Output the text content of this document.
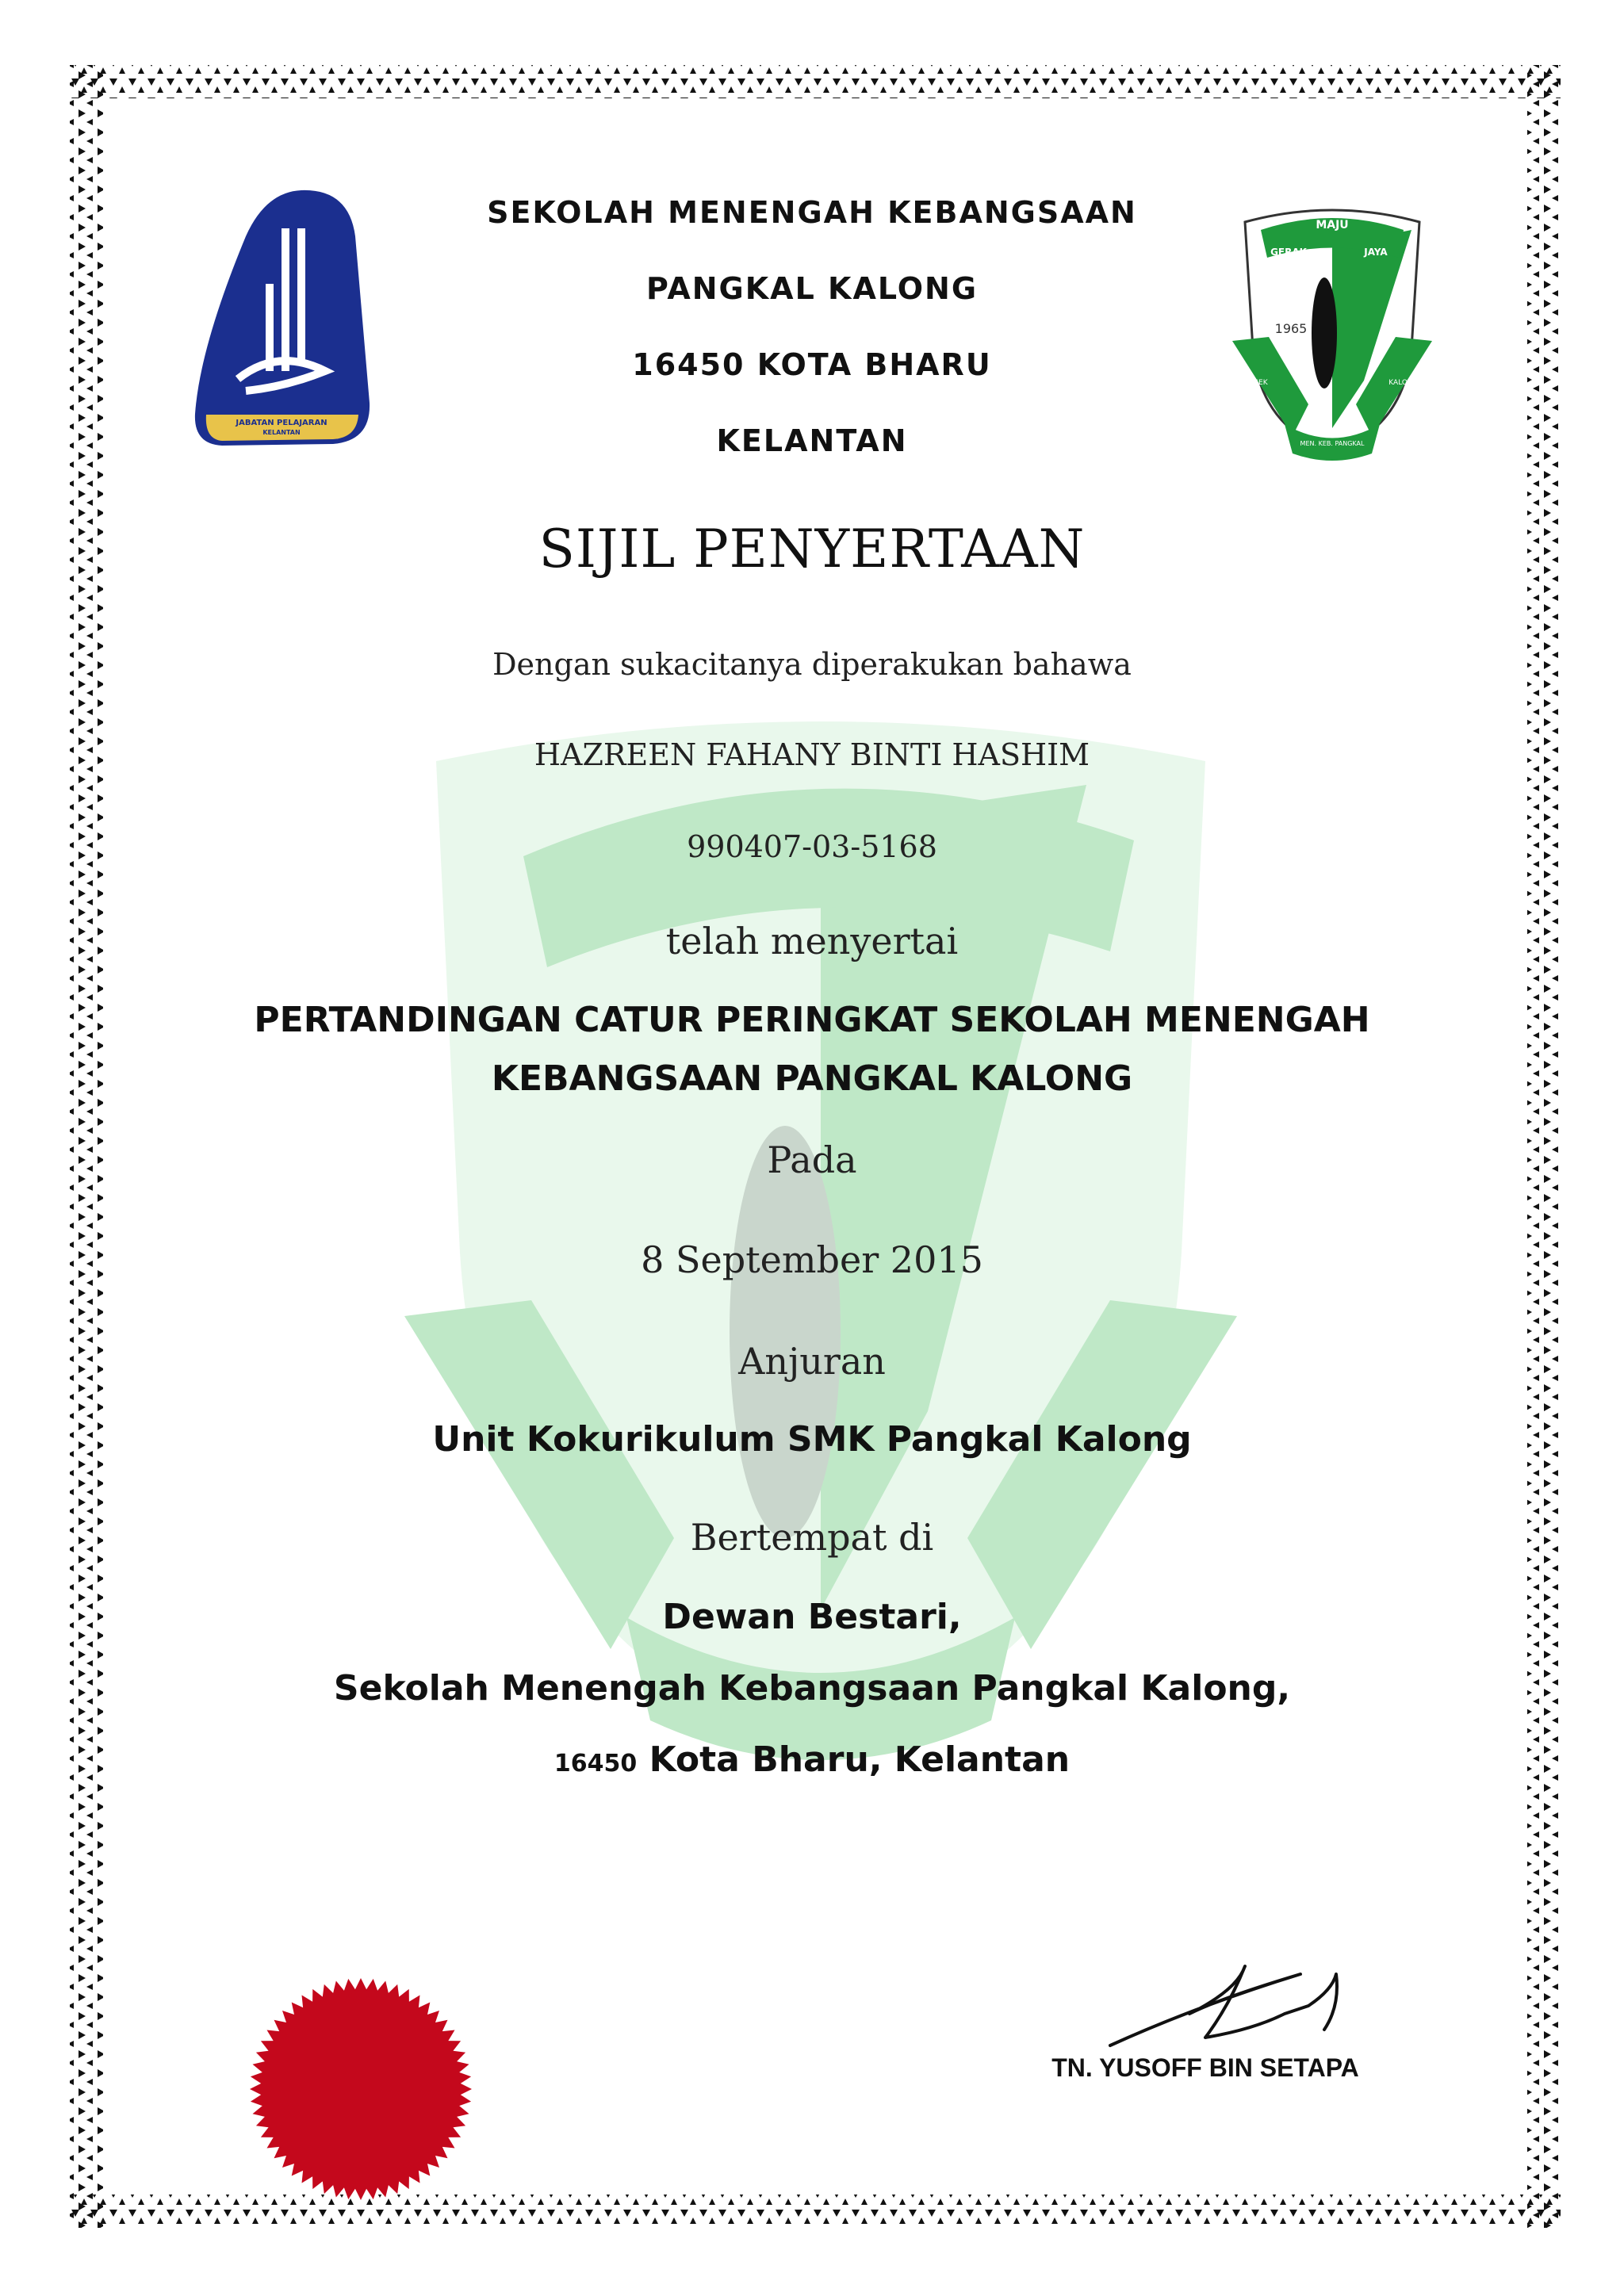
JABATAN PELAJARAN
KELANTAN
MAJU
GERAK	JAYA
1965
SEK	KALONG
MEN. KEB. PANGKAL
SEKOLAH MENENGAH KEBANGSAAN
PANGKAL KALONG
16450 KOTA BHARU
KELANTAN
SIJIL PENYERTAAN
Dengan sukacitanya diperakukan bahawa
HAZREEN FAHANY BINTI HASHIM
990407-03-5168
telah menyertai
PERTANDINGAN CATUR PERINGKAT SEKOLAH MENENGAH
KEBANGSAAN PANGKAL KALONG
Pada
8 September 2015
Anjuran
Unit Kokurikulum SMK Pangkal Kalong
Bertempat di
Dewan Bestari,
Sekolah Menengah Kebangsaan Pangkal Kalong,
16450 Kota Bharu, Kelantan
TN. YUSOFF BIN SETAPA
